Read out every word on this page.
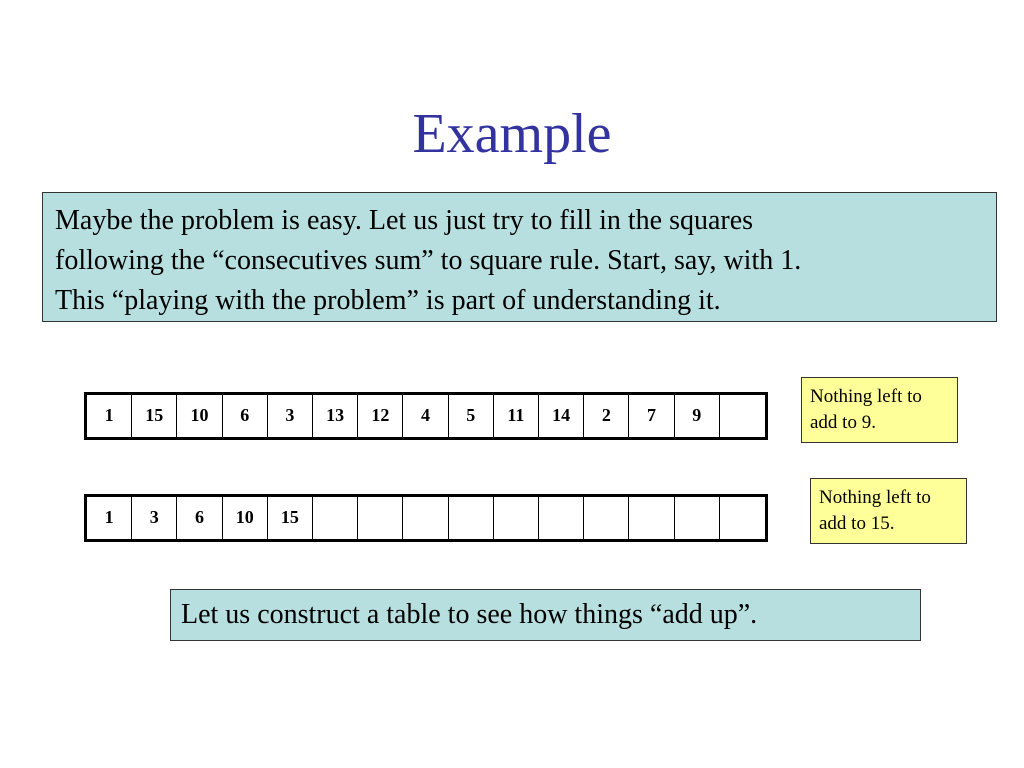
Example
Maybe the problem is easy. Let us just try to fill in the squares
following the “consecutives sum” to square rule. Start, say, with 1.
This “playing with the problem” is part of understanding it.
1	15	10	6	3	13	12	4	5	11	14	2	7	9
Nothing left to
add to 9.
1	3	6	10	15
Nothing left to
add to 15.
Let us construct a table to see how things “add up”.
